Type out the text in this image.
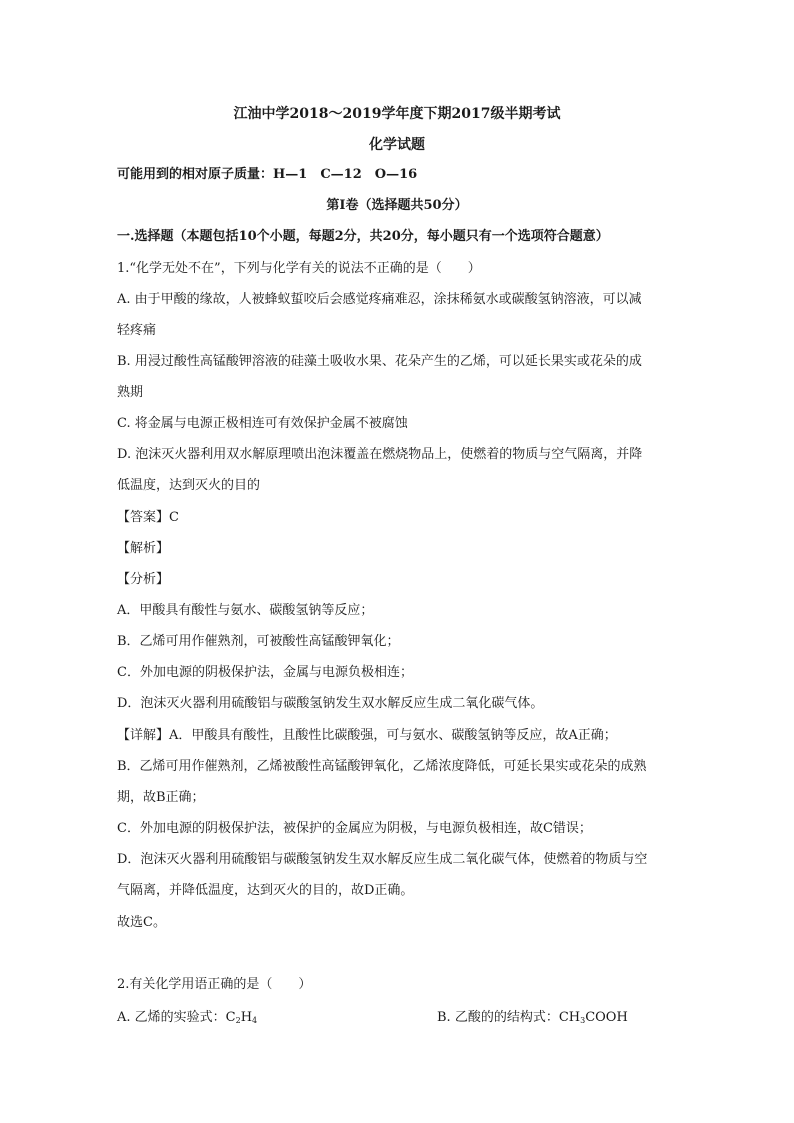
江油中学2018～2019学年度下期2017级半期考试
化学试题
可能用到的相对原子质量：H—1　C—12　O—16
第Ⅰ卷（选择题共50分）
一.选择题（本题包括10个小题，每题2分，共20分，每小题只有一个选项符合题意）
1.“化学无处不在”，下列与化学有关的说法不正确的是（　　）
A. 由于甲酸的缘故，人被蜂蚁蜇咬后会感觉疼痛难忍，涂抹稀氨水或碳酸氢钠溶液，可以减
轻疼痛
B. 用浸过酸性高锰酸钾溶液的硅藻土吸收水果、花朵产生的乙烯，可以延长果实或花朵的成
熟期
C. 将金属与电源正极相连可有效保护金属不被腐蚀
D. 泡沫灭火器利用双水解原理喷出泡沫覆盖在燃烧物品上，使燃着的物质与空气隔离，并降
低温度，达到灭火的目的
【答案】C
【解析】
【分析】
A．甲酸具有酸性与氨水、碳酸氢钠等反应；
B．乙烯可用作催熟剂，可被酸性高锰酸钾氧化；
C．外加电源的阴极保护法，金属与电源负极相连；
D．泡沫灭火器利用硫酸铝与碳酸氢钠发生双水解反应生成二氧化碳气体。
【详解】A．甲酸具有酸性，且酸性比碳酸强，可与氨水、碳酸氢钠等反应，故A正确；
B．乙烯可用作催熟剂，乙烯被酸性高锰酸钾氧化，乙烯浓度降低，可延长果实或花朵的成熟
期，故B正确；
C．外加电源的阴极保护法，被保护的金属应为阴极，与电源负极相连，故C错误；
D．泡沫灭火器利用硫酸铝与碳酸氢钠发生双水解反应生成二氧化碳气体，使燃着的物质与空
气隔离，并降低温度，达到灭火的目的，故D正确。
故选C。
2.有关化学用语正确的是（　　）
A. 乙烯的实验式：$C_2H_4$	B. 乙酸的的结构式：$CH_3COOH$
